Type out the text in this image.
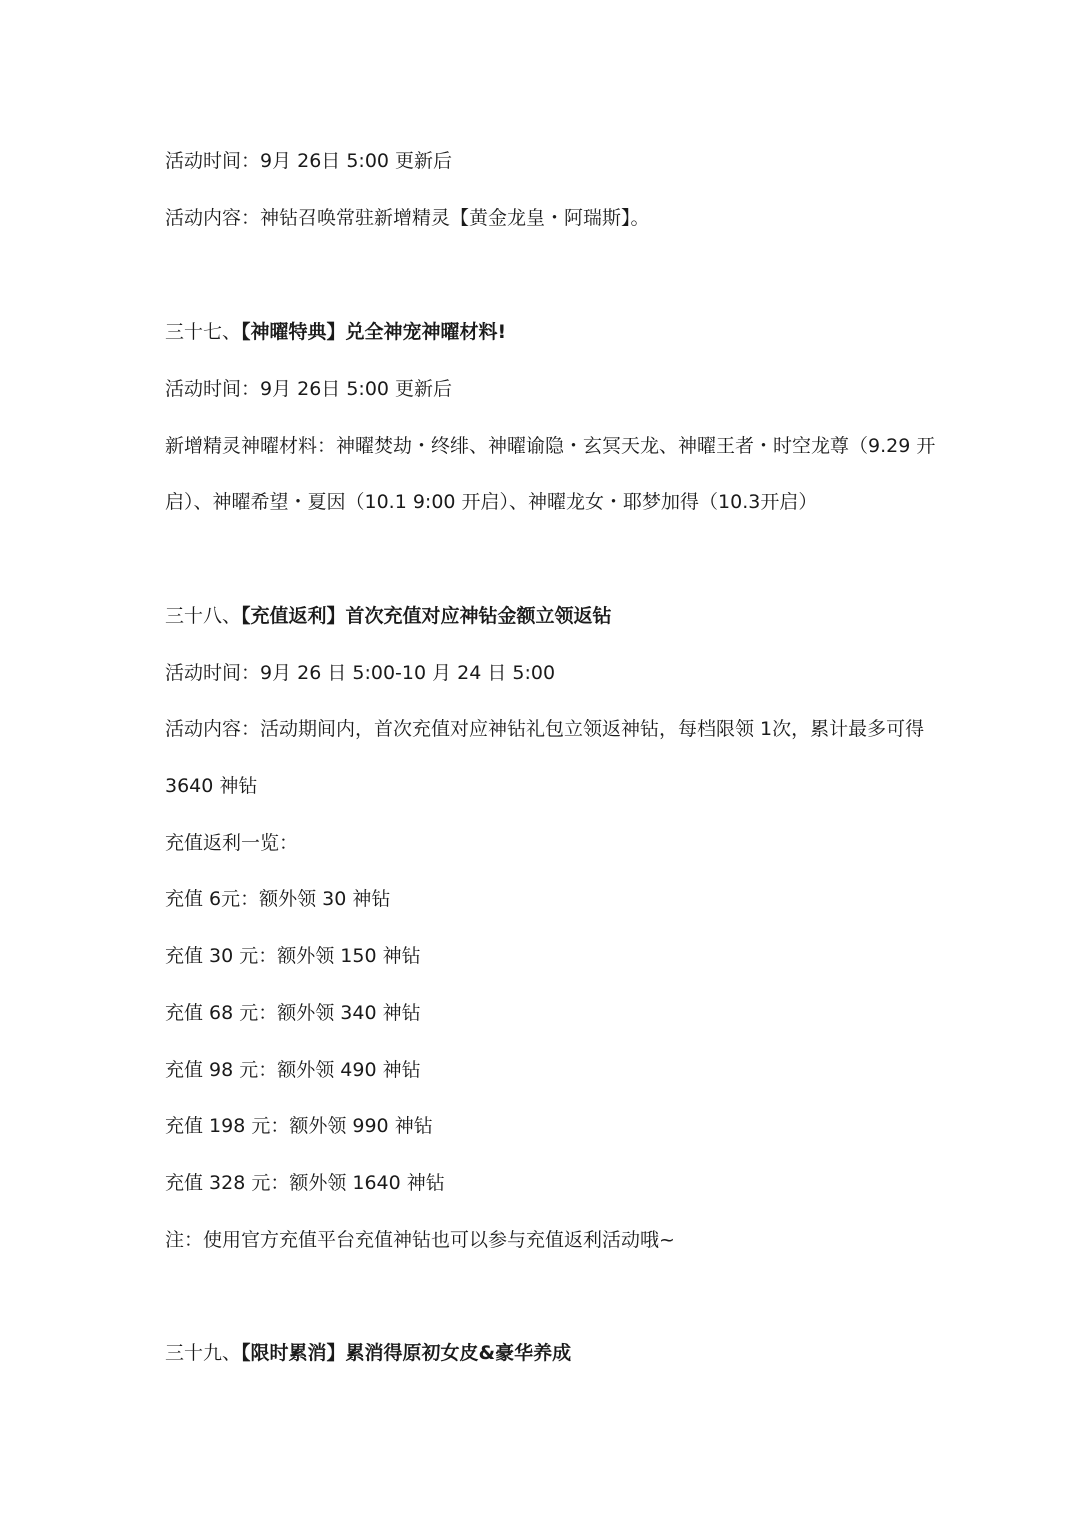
活动时间：9月 26日 5:00 更新后
活动内容：神钻召唤常驻新增精灵【黄金龙皇・阿瑞斯】。
三十七、【神曜特典】兑全神宠神曜材料!
活动时间：9月 26日 5:00 更新后
新增精灵神曜材料：神曜焚劫・终绯、神曜谕隐・玄冥天龙、神曜王者・时空龙尊（9.29 开
启）、神曜希望・夏因（10.1 9:00 开启）、神曜龙女・耶梦加得（10.3开启）
三十八、【充值返利】首次充值对应神钻金额立领返钻
活动时间：9月 26 日 5:00-10 月 24 日 5:00
活动内容：活动期间内，首次充值对应神钻礼包立领返神钻，每档限领 1次，累计最多可得
3640 神钻
充值返利一览：
充值 6元：额外领 30 神钻
充值 30 元：额外领 150 神钻
充值 68 元：额外领 340 神钻
充值 98 元：额外领 490 神钻
充值 198 元：额外领 990 神钻
充值 328 元：额外领 1640 神钻
注：使用官方充值平台充值神钻也可以参与充值返利活动哦~
三十九、【限时累消】累消得原初女皮&豪华养成
